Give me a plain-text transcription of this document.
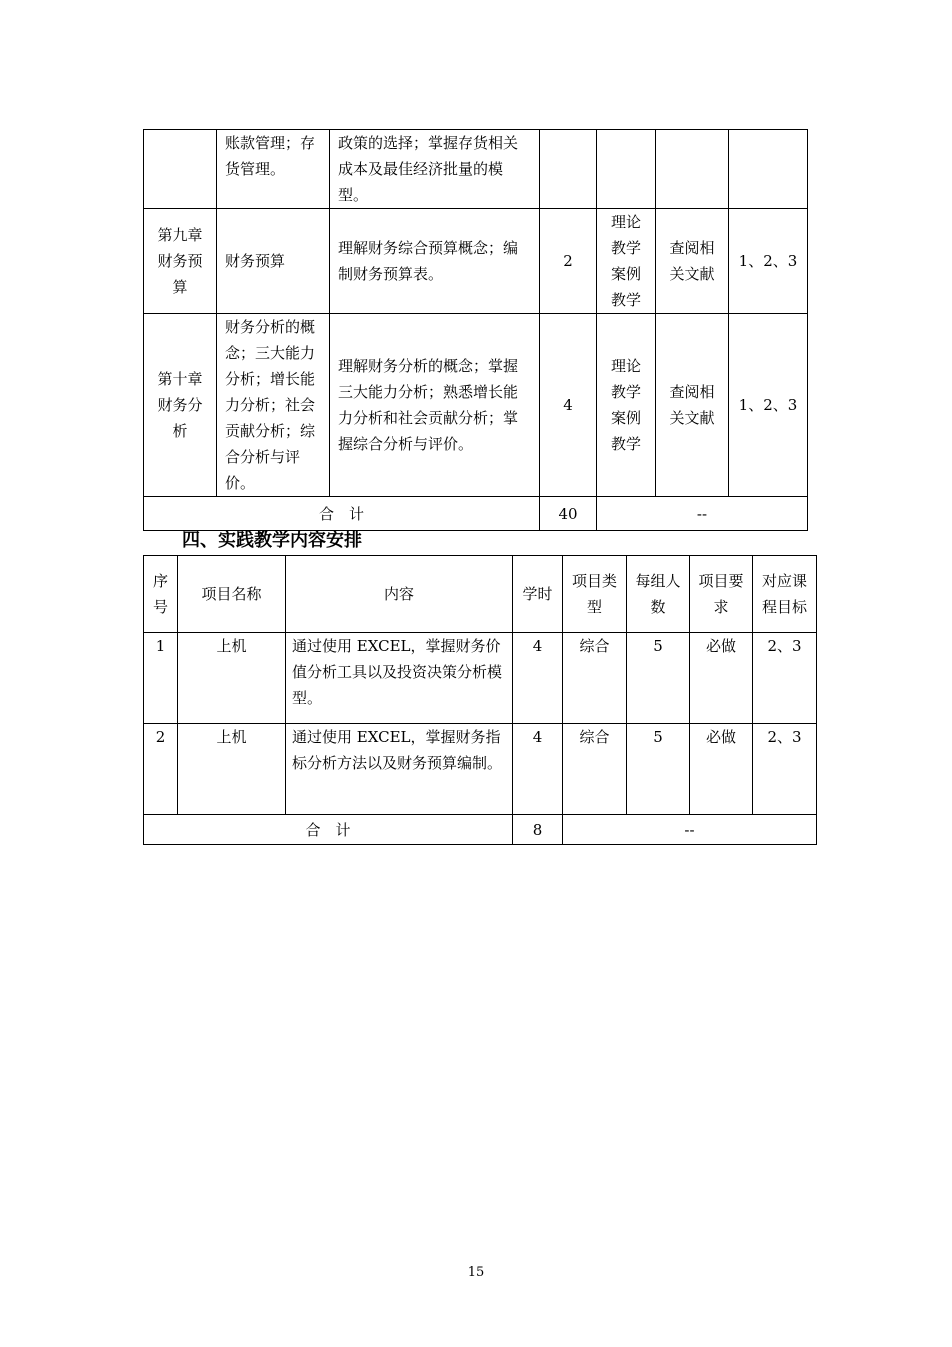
	账款管理；存货管理。	政策的选择；掌握存货相关成本及最佳经济批量的模型。				
第九章财务预算	财务预算	理解财务综合预算概念；编制财务预算表。	2	理论教学案例教学	查阅相关文献	1、2、3
第十章财务分析	财务分析的概念；三大能力分析；增长能力分析；社会贡献分析；综合分析与评价。	理解财务分析的概念；掌握三大能力分析；熟悉增长能力分析和社会贡献分析；掌握综合分析与评价。	4	理论教学案例教学	查阅相关文献	1、2、3
合　计			40	--		
四、实践教学内容安排
序号	项目名称	内容	学时	项目类型	每组人数	项目要求	对应课程目标
1	上机	通过使用 EXCEL，掌握财务价值分析工具以及投资决策分析模型。	4	综合	5	必做	2、3
2	上机	通过使用 EXCEL，掌握财务指标分析方法以及财务预算编制。	4	综合	5	必做	2、3
合　计			8	--			
15
